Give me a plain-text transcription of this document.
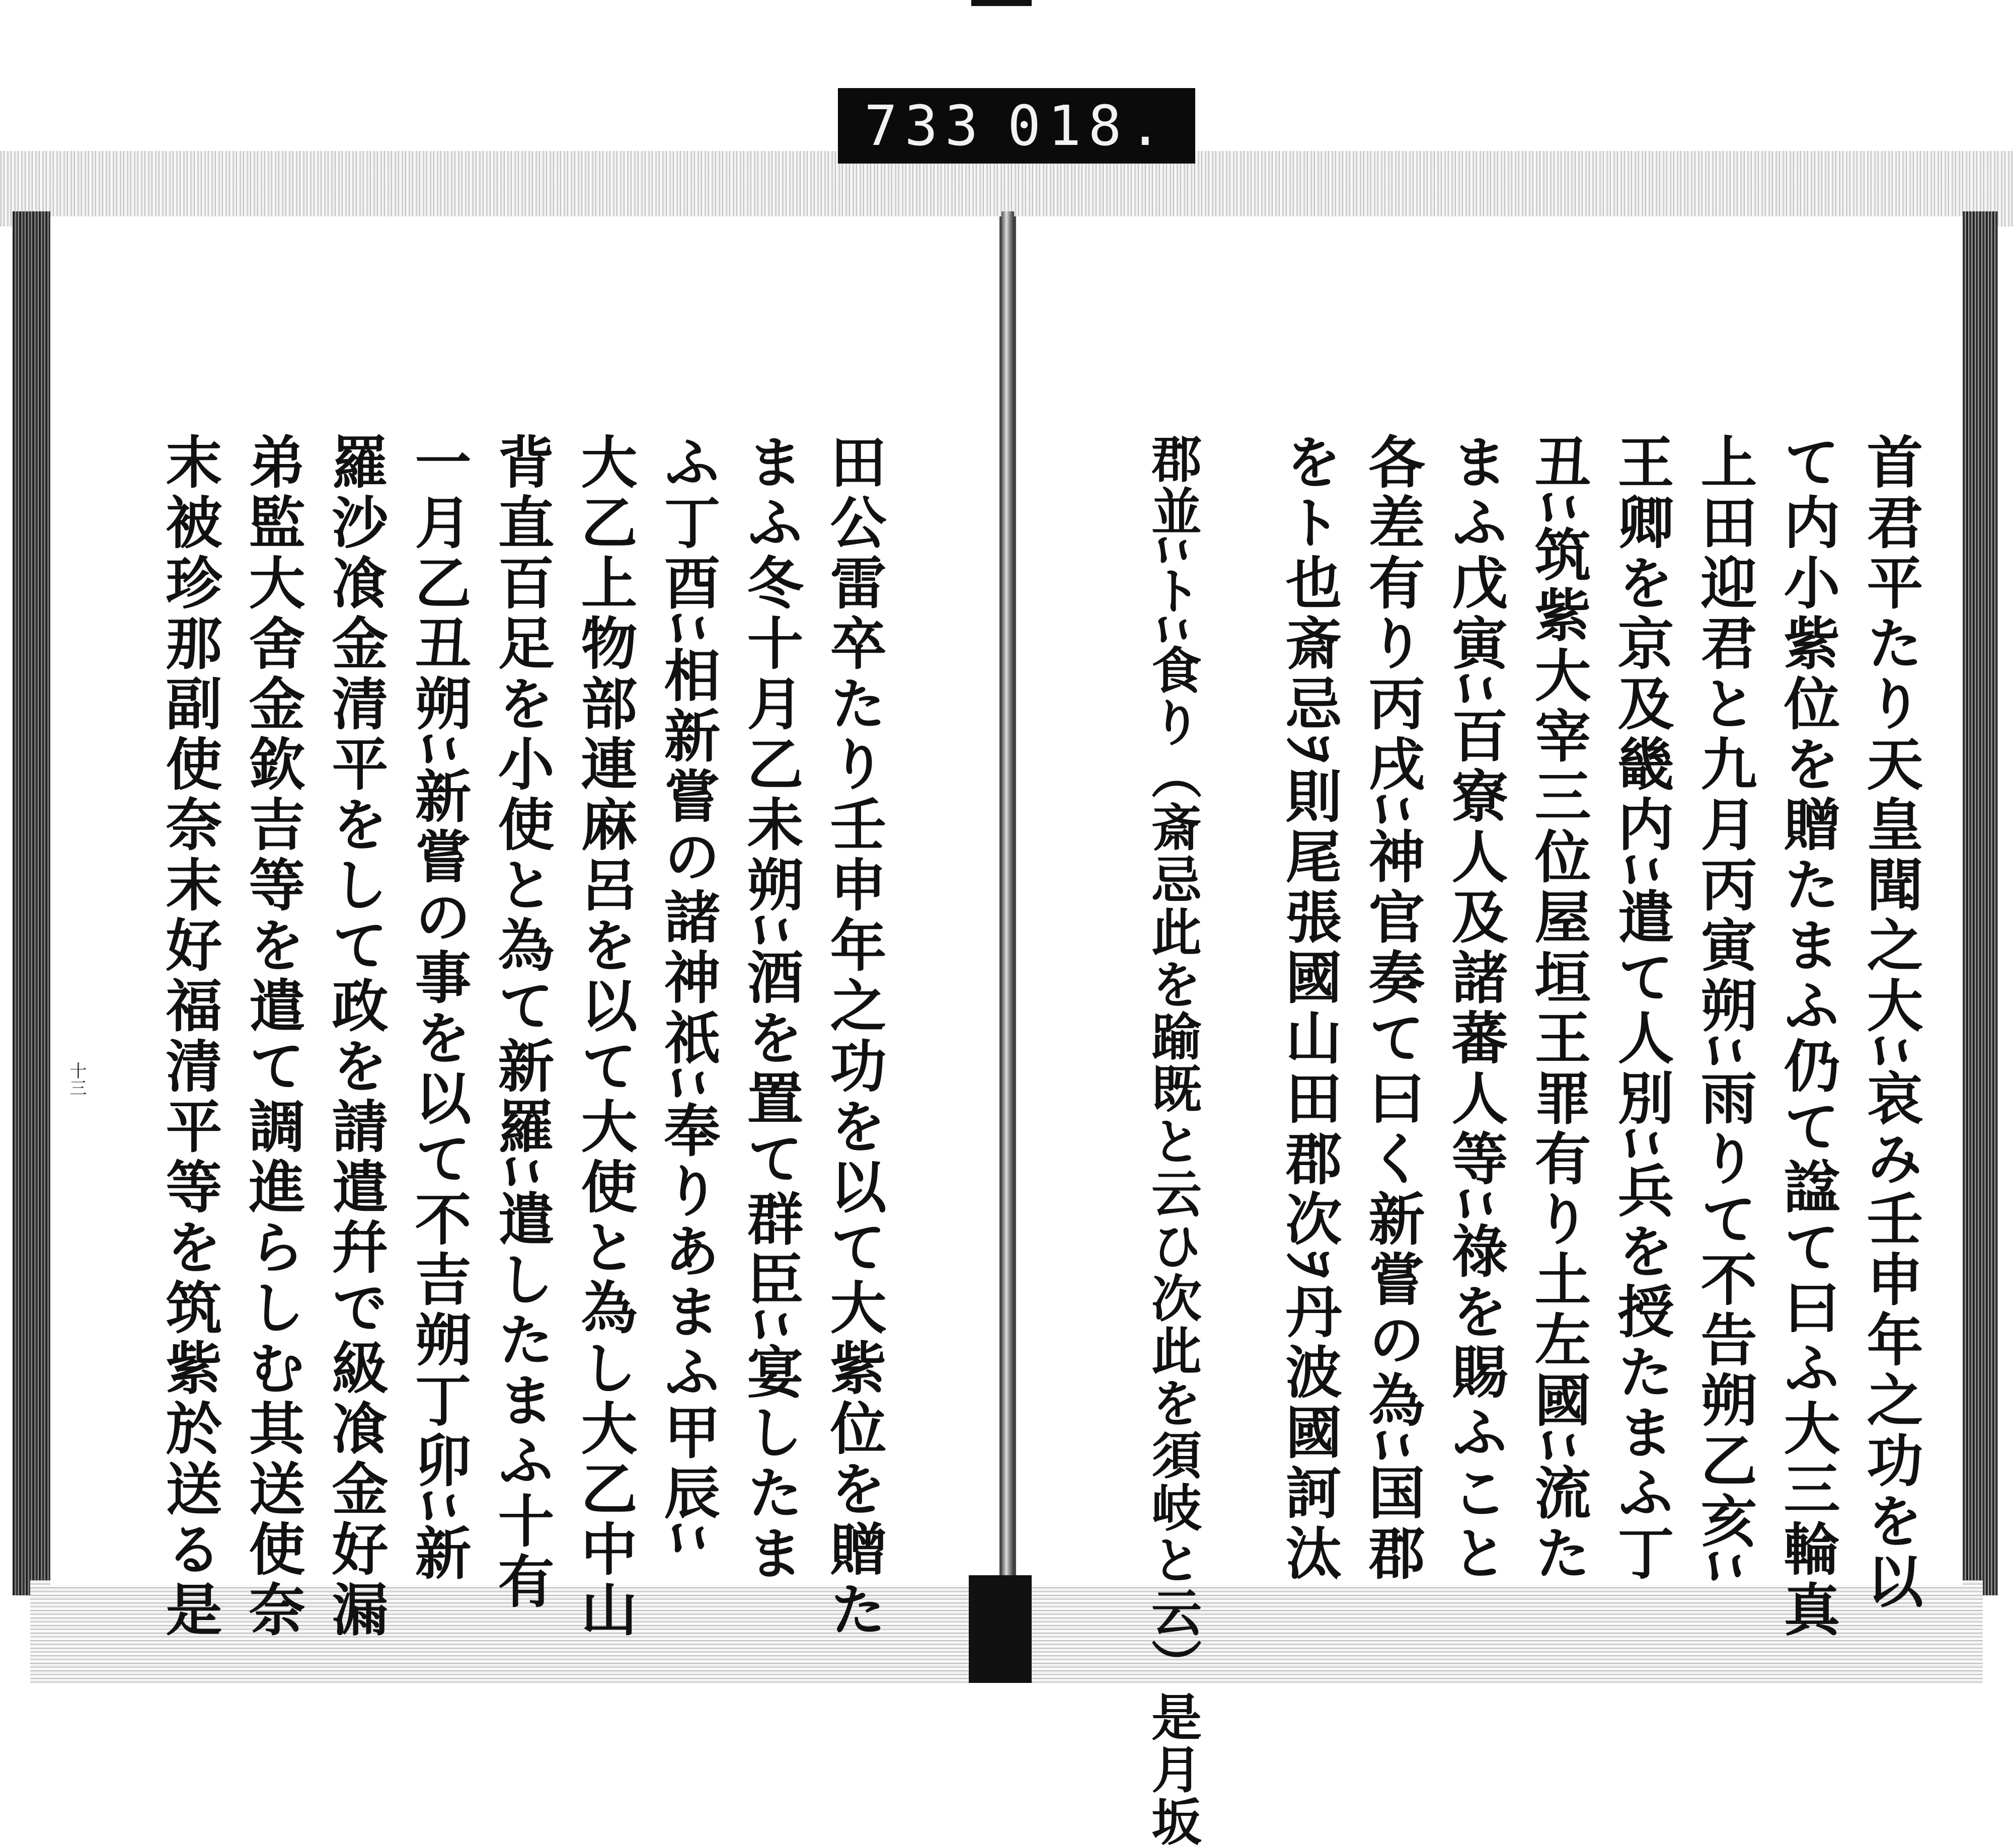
733 018.
首君平たり天皇聞之大ﾆ哀み壬申年之功を以
て内小紫位を贈たまふ仍て諡て曰ふ大三輪真
上田迎君と九月丙寅朔ﾆ雨りて不告朔乙亥ﾆ
王卿を京及畿内ﾆ遣て人別ﾆ兵を授たまふ丁
丑ﾆ筑紫大宰三位屋垣王罪有り土左國ﾆ流た
まふ戊寅ﾆ百寮人及諸蕃人等ﾆ祿を賜ふこと
各差有り丙戌ﾆ神官奏て曰く新嘗の為ﾆ国郡
をト也斎忌ｦ則尾張國山田郡次ｦ丹波國訶汰
郡並ﾆトﾆ食り（斎忌此を踰既と云ひ次此を須岐と云）是月坂
田公雷卒たり壬申年之功を以て大紫位を贈た
まふ冬十月乙未朔ﾆ酒を置て群臣ﾆ宴したま
ふ丁酉ﾆ相新嘗の諸神祇ﾆ奉りあまふ甲辰ﾆ
大乙上物部連麻呂を以て大使と為し大乙中山
背直百足を小使と為て新羅ﾆ遣したまふ十有
一月乙丑朔ﾆ新嘗の事を以て不吉朔丁卯ﾆ新
羅沙飡金清平をして政を請遣幷で級飡金好漏
弟監大舍金欽吉等を遣て調進らしむ其送使奈
末被珍那副使奈末好福清平等を筑紫於送る是
十三
